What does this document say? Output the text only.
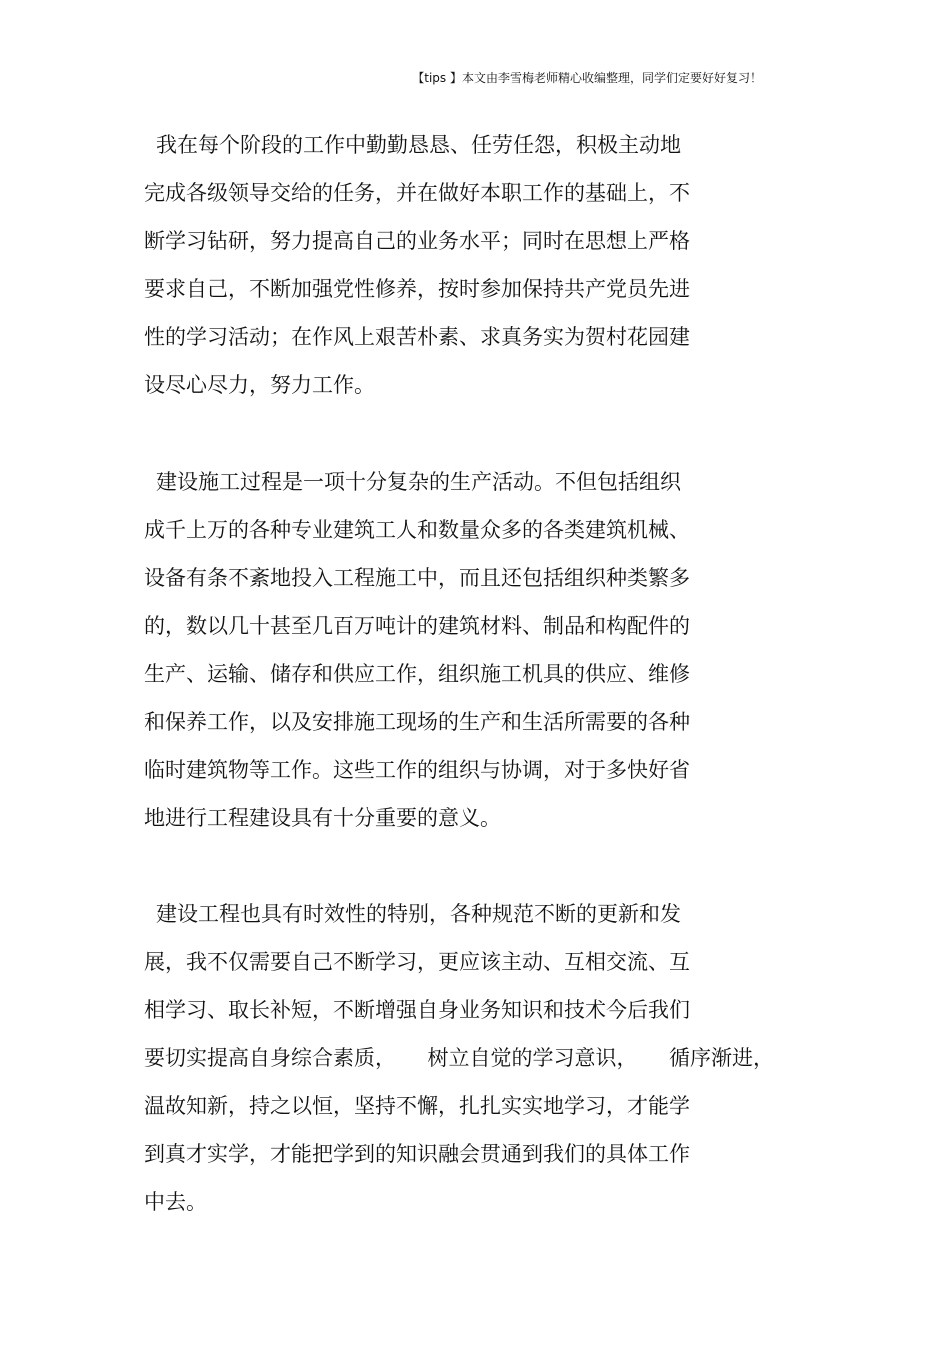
【tips 】本文由李雪梅老师精心收编整理，同学们定要好好复习！
我在每个阶段的工作中勤勤恳恳、任劳任怨，积极主动地
完成各级领导交给的任务，并在做好本职工作的基础上，不
断学习钻研，努力提高自己的业务水平；同时在思想上严格
要求自己，不断加强党性修养，按时参加保持共产党员先进
性的学习活动；在作风上艰苦朴素、求真务实为贺村花园建
设尽心尽力，努力工作。
建设施工过程是一项十分复杂的生产活动。不但包括组织
成千上万的各种专业建筑工人和数量众多的各类建筑机械、
设备有条不紊地投入工程施工中，而且还包括组织种类繁多
的，数以几十甚至几百万吨计的建筑材料、制品和构配件的
生产、运输、储存和供应工作，组织施工机具的供应、维修
和保养工作，以及安排施工现场的生产和生活所需要的各种
临时建筑物等工作。这些工作的组织与协调，对于多快好省
地进行工程建设具有十分重要的意义。
建设工程也具有时效性的特别，各种规范不断的更新和发
展，我不仅需要自己不断学习，更应该主动、互相交流、互
相学习、取长补短，不断增强自身业务知识和技术今后我们
要切实提高自身综合素质，　　树立自觉的学习意识，　　循序渐进，
温故知新，持之以恒，坚持不懈，扎扎实实地学习，才能学
到真才实学，才能把学到的知识融会贯通到我们的具体工作
中去。
